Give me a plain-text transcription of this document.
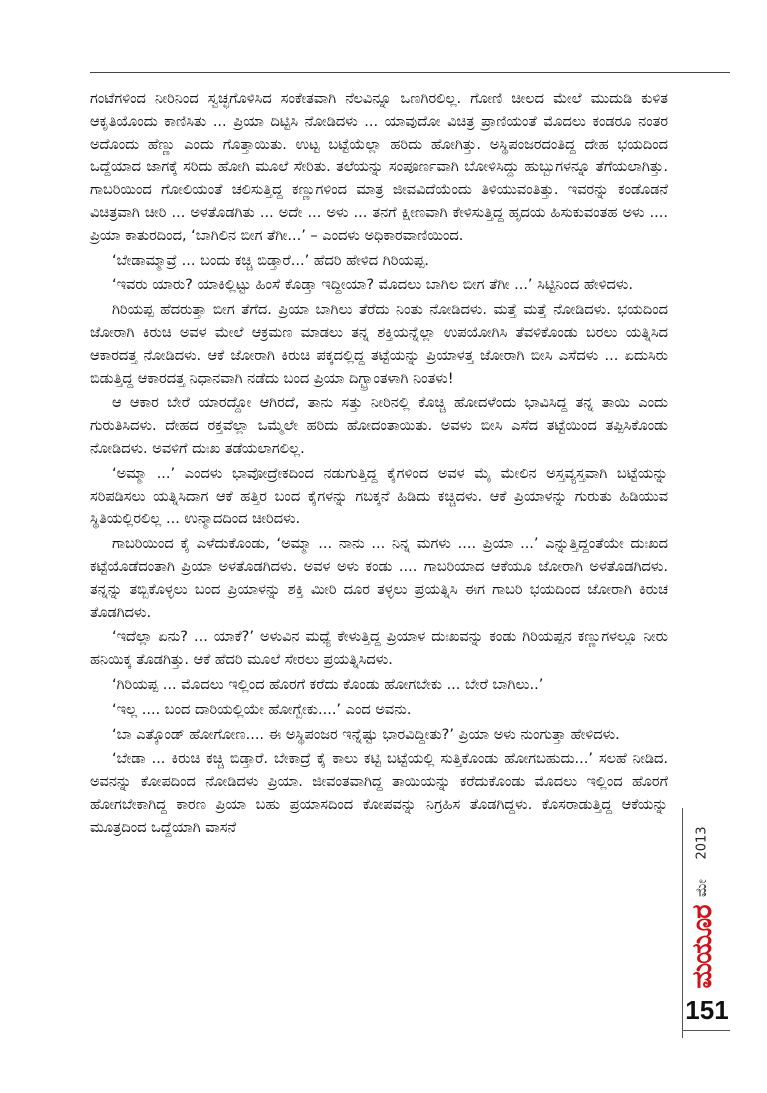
ಗಂಟೆಗಳಿಂದ ನೀರಿನಿಂದ ಸ್ವಚ್ಛಗೊಳಿಸಿದ ಸಂಕೇತವಾಗಿ ನೆಲವಿನ್ನೂ ಒಣಗಿರಲಿಲ್ಲ. ಗೋಣಿ ಚೀಲದ ಮೇಲೆ ಮುದುಡಿ ಕುಳಿತ ಆಕೃತಿಯೊಂದು ಕಾಣಿಸಿತು ... ಪ್ರಿಯಾ ದಿಟ್ಟಿಸಿ ನೋಡಿದಳು ... ಯಾವುದೋ ವಿಚಿತ್ರ ಪ್ರಾಣಿಯಂತೆ ಮೊದಲು ಕಂಡರೂ ನಂತರ ಅದೊಂದು ಹೆಣ್ಣು ಎಂದು ಗೊತ್ತಾಯಿತು. ಉಟ್ಟ ಬಟ್ಟೆಯೆಲ್ಲಾ ಹರಿದು ಹೋಗಿತ್ತು. ಅಸ್ಥಿಪಂಜರದಂತಿದ್ದ ದೇಹ ಭಯದಿಂದ ಒದ್ದೆಯಾದ ಜಾಗಕ್ಕೆ ಸರಿದು ಹೋಗಿ ಮೂಲೆ ಸೇರಿತು. ತಲೆಯನ್ನು ಸಂಪೂರ್ಣವಾಗಿ ಬೋಳಿಸಿದ್ದು ಹುಬ್ಬುಗಳನ್ನೂ ತೆಗೆಯಲಾಗಿತ್ತು. ಗಾಬರಿಯಿಂದ ಗೋಲಿಯಂತೆ ಚಲಿಸುತ್ತಿದ್ದ ಕಣ್ಣುಗಳಿಂದ ಮಾತ್ರ ಜೀವವಿದೆಯೆಂದು ತಿಳಿಯುವಂತಿತ್ತು. ಇವರನ್ನು ಕಂಡೊಡನೆ ವಿಚಿತ್ರವಾಗಿ ಚೀರಿ ... ಅಳತೊಡಗಿತು ... ಅದೇ ... ಅಳು ... ತನಗೆ ಕ್ಷೀಣವಾಗಿ ಕೇಳಿಸುತ್ತಿದ್ದ ಹೃದಯ ಹಿಸುಕುವಂತಹ ಅಳು .... ಪ್ರಿಯಾ ಕಾತುರದಿಂದ, ‘ಬಾಗಿಲಿನ ಬೀಗ ತೆಗೀ...’ – ಎಂದಳು ಅಧಿಕಾರವಾಣಿಯಿಂದ.

‘ಬೇಡಾಮ್ಮಾವ್ರೆ ... ಬಂದು ಕಚ್ಚಿ ಬಿಡ್ತಾರೆ...’ ಹೆದರಿ ಹೇಳಿದ ಗಿರಿಯಪ್ಪ.

‘ಇವರು ಯಾರು? ಯಾಕಿಲ್ಲಿಟ್ಟು ಹಿಂಸೆ ಕೊಡ್ತಾ ಇದ್ದೀಯಾ? ಮೊದಲು ಬಾಗಿಲ ಬೀಗ ತೆಗೀ ...’ ಸಿಟ್ಟಿನಿಂದ ಹೇಳಿದಳು.

ಗಿರಿಯಪ್ಪ ಹೆದರುತ್ತಾ ಬೀಗ ತೆಗೆದ. ಪ್ರಿಯಾ ಬಾಗಿಲು ತೆರೆದು ನಿಂತು ನೋಡಿದಳು. ಮತ್ತೆ ಮತ್ತೆ ನೋಡಿದಳು. ಭಯದಿಂದ ಜೋರಾಗಿ ಕಿರುಚಿ ಅವಳ ಮೇಲೆ ಆಕ್ರಮಣ ಮಾಡಲು ತನ್ನ ಶಕ್ತಿಯನ್ನೆಲ್ಲಾ ಉಪಯೋಗಿಸಿ ತೆವಳಿಕೊಂಡು ಬರಲು ಯತ್ನಿಸಿದ ಆಕಾರದತ್ತ ನೋಡಿದಳು. ಆಕೆ ಜೋರಾಗಿ ಕಿರುಚಿ ಪಕ್ಕದಲ್ಲಿದ್ದ ತಟ್ಟೆಯನ್ನು ಪ್ರಿಯಾಳತ್ತ ಜೋರಾಗಿ ಬೀಸಿ ಎಸೆದಳು ... ಏದುಸಿರು ಬಿಡುತ್ತಿದ್ದ ಆಕಾರದತ್ತ ನಿಧಾನವಾಗಿ ನಡೆದು ಬಂದ ಪ್ರಿಯಾ ದಿಗ್ಭ್ರಾಂತಳಾಗಿ ನಿಂತಳು!

ಆ ಆಕಾರ ಬೇರೆ ಯಾರದ್ದೋ ಆಗಿರದೆ, ತಾನು ಸತ್ತು ನೀರಿನಲ್ಲಿ ಕೊಚ್ಚಿ ಹೋದಳೆಂದು ಭಾವಿಸಿದ್ದ ತನ್ನ ತಾಯಿ ಎಂದು ಗುರುತಿಸಿದಳು. ದೇಹದ ರಕ್ತವೆಲ್ಲಾ ಒಮ್ಮೆಲೇ ಹರಿದು ಹೋದಂತಾಯಿತು. ಅವಳು ಬೀಸಿ ಎಸೆದ ತಟ್ಟೆಯಿಂದ ತಪ್ಪಿಸಿಕೊಂಡು ನೋಡಿದಳು. ಅವಳಿಗೆ ದುಃಖ ತಡೆಯಲಾಗಲಿಲ್ಲ.

‘ಅಮ್ಮಾ ...’ ಎಂದಳು ಭಾವೋದ್ರೇಕದಿಂದ ನಡುಗುತ್ತಿದ್ದ ಕೈಗಳಿಂದ ಅವಳ ಮೈ ಮೇಲಿನ ಅಸ್ತವ್ಯಸ್ತವಾಗಿ ಬಟ್ಟೆಯನ್ನು ಸರಿಪಡಿಸಲು ಯತ್ನಿಸಿದಾಗ ಆಕೆ ಹತ್ತಿರ ಬಂದ ಕೈಗಳನ್ನು ಗಬಕ್ಕನೆ ಹಿಡಿದು ಕಚ್ಚಿದಳು. ಆಕೆ ಪ್ರಿಯಾಳನ್ನು ಗುರುತು ಹಿಡಿಯುವ ಸ್ಥಿತಿಯಲ್ಲಿರಲಿಲ್ಲ ... ಉನ್ಮಾದದಿಂದ ಚೀರಿದಳು.

ಗಾಬರಿಯಿಂದ ಕೈ ಎಳೆದುಕೊಂಡು, ‘ಅಮ್ಮಾ ... ನಾನು ... ನಿನ್ನ ಮಗಳು .... ಪ್ರಿಯಾ ...’ ಎನ್ನುತ್ತಿದ್ದಂತೆಯೇ ದುಃಖದ ಕಟ್ಟೆಯೊಡೆದಂತಾಗಿ ಪ್ರಿಯಾ ಅಳತೊಡಗಿದಳು. ಅವಳ ಅಳು ಕಂಡು .... ಗಾಬರಿಯಾದ ಆಕೆಯೂ ಜೋರಾಗಿ ಅಳತೊಡಗಿದಳು. ತನ್ನನ್ನು ತಬ್ಬಿಕೊಳ್ಳಲು ಬಂದ ಪ್ರಿಯಾಳನ್ನು ಶಕ್ತಿ ಮೀರಿ ದೂರ ತಳ್ಳಲು ಪ್ರಯತ್ನಿಸಿ ಈಗ ಗಾಬರಿ ಭಯದಿಂದ ಜೋರಾಗಿ ಕಿರುಚ ತೊಡಗಿದಳು.

‘ಇದೆಲ್ಲಾ ಏನು? ... ಯಾಕೆ?’ ಅಳುವಿನ ಮಧ್ಯೆ ಕೇಳುತ್ತಿದ್ದ ಪ್ರಿಯಾಳ ದುಃಖವನ್ನು ಕಂಡು ಗಿರಿಯಪ್ಪನ ಕಣ್ಣುಗಳಲ್ಲೂ ನೀರು ಹನಿಯಿಕ್ಕ ತೊಡಗಿತ್ತು. ಆಕೆ ಹೆದರಿ ಮೂಲೆ ಸೇರಲು ಪ್ರಯತ್ನಿಸಿದಳು.

‘ಗಿರಿಯಪ್ಪ ... ಮೊದಲು ಇಲ್ಲಿಂದ ಹೊರಗೆ ಕರೆದು ಕೊಂಡು ಹೋಗಬೇಕು ... ಬೇರೆ ಬಾಗಿಲು..’

‘ಇಲ್ಲ .... ಬಂದ ದಾರಿಯಲ್ಲಿಯೇ ಹೋಗ್ಬೇಕು....’ ಎಂದ ಅವನು.

‘ಬಾ ಎತ್ಕೊಂಡ್ ಹೋಗೋಣ.... ಈ ಅಸ್ಥಿಪಂಜರ ಇನ್ನೆಷ್ಟು ಭಾರವಿದ್ದೀತು?’ ಪ್ರಿಯಾ ಅಳು ನುಂಗುತ್ತಾ ಹೇಳಿದಳು.

‘ಬೇಡಾ ... ಕಿರುಚಿ ಕಚ್ಚಿ ಬಿಡ್ತಾರೆ. ಬೇಕಾದ್ರೆ ಕೈ ಕಾಲು ಕಟ್ಟಿ ಬಟ್ಟೆಯಲ್ಲಿ ಸುತ್ತಿಕೊಂಡು ಹೋಗಬಹುದು...’ ಸಲಹೆ ನೀಡಿದ. ಅವನನ್ನು ಕೋಪದಿಂದ ನೋಡಿದಳು ಪ್ರಿಯಾ. ಜೀವಂತವಾಗಿದ್ದ ತಾಯಿಯನ್ನು ಕರೆದುಕೊಂಡು ಮೊದಲು ಇಲ್ಲಿಂದ ಹೊರಗೆ ಹೋಗಬೇಕಾಗಿದ್ದ ಕಾರಣ ಪ್ರಿಯಾ ಬಹು ಪ್ರಯಾಸದಿಂದ ಕೋಪವನ್ನು ನಿಗ್ರಹಿಸ ತೊಡಗಿದ್ದಳು. ಕೊಸರಾಡುತ್ತಿದ್ದ ಆಕೆಯನ್ನು ಮೂತ್ರದಿಂದ ಒದ್ದೆಯಾಗಿ ವಾಸನೆ	2013
ಮೇ
ಮಯೂರ
151
